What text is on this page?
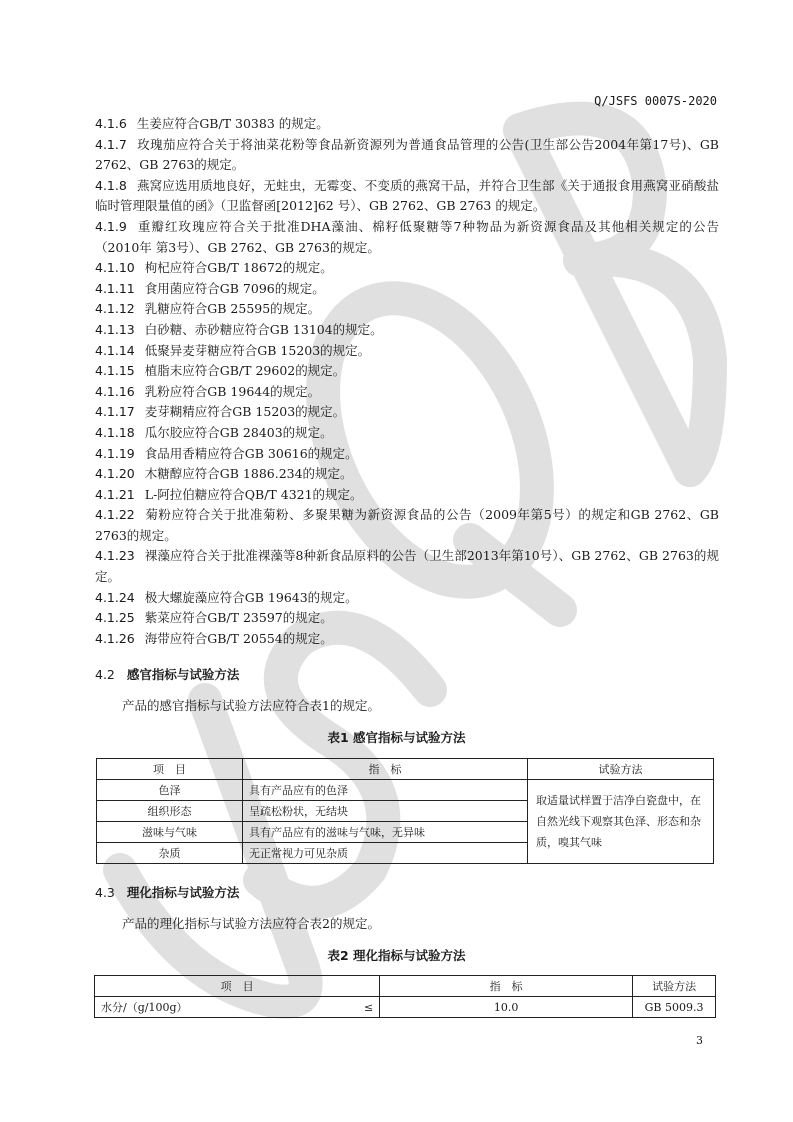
Q/JSFS 0007S-2020

4.1.6 生姜应符合GB/T 30383 的规定。

4.1.7 玫瑰茄应符合关于将油菜花粉等食品新资源列为普通食品管理的公告(卫生部公告2004年第17号)、GB 2762、GB 2763的规定。

4.1.8 燕窝应选用质地良好，无蛀虫，无霉变、不变质的燕窝干品，并符合卫生部《关于通报食用燕窝亚硝酸盐临时管理限量值的函》（卫监督函[2012]62 号）、GB 2762、GB 2763 的规定。

4.1.9 重瓣红玫瑰应符合关于批准DHA藻油、棉籽低聚糖等7种物品为新资源食品及其他相关规定的公告（2010年 第3号）、GB 2762、GB 2763的规定。

4.1.10 枸杞应符合GB/T 18672的规定。

4.1.11 食用菌应符合GB 7096的规定。

4.1.12 乳糖应符合GB 25595的规定。

4.1.13 白砂糖、赤砂糖应符合GB 13104的规定。

4.1.14 低聚异麦芽糖应符合GB 15203的规定。

4.1.15 植脂末应符合GB/T 29602的规定。

4.1.16 乳粉应符合GB 19644的规定。

4.1.17 麦芽糊精应符合GB 15203的规定。

4.1.18 瓜尔胶应符合GB 28403的规定。

4.1.19 食品用香精应符合GB 30616的规定。

4.1.20 木糖醇应符合GB 1886.234的规定。

4.1.21 L-阿拉伯糖应符合QB/T 4321的规定。

4.1.22 菊粉应符合关于批准菊粉、多聚果糖为新资源食品的公告（2009年第5号）的规定和GB 2762、GB 2763的规定。

4.1.23 裸藻应符合关于批准裸藻等8种新食品原料的公告（卫生部2013年第10号）、GB 2762、GB 2763的规定。

4.1.24 极大螺旋藻应符合GB 19643的规定。

4.1.25 紫菜应符合GB/T 23597的规定。

4.1.26 海带应符合GB/T 20554的规定。

4.2 感官指标与试验方法
产品的感官指标与试验方法应符合表1的规定。
表1 感官指标与试验方法
项　目	指　标	试验方法
色泽	具有产品应有的色泽	取适量试样置于洁净白瓷盘中，在自然光线下观察其色泽、形态和杂质，嗅其气味
组织形态	呈疏松粉状，无结块	
滋味与气味	具有产品应有的滋味与气味，无异味	
杂质	无正常视力可见杂质	
4.3 理化指标与试验方法
产品的理化指标与试验方法应符合表2的规定。
表2 理化指标与试验方法
项　目		指　标	试验方法
水分/（g/100g）	≤	10.0	GB 5009.3
3
